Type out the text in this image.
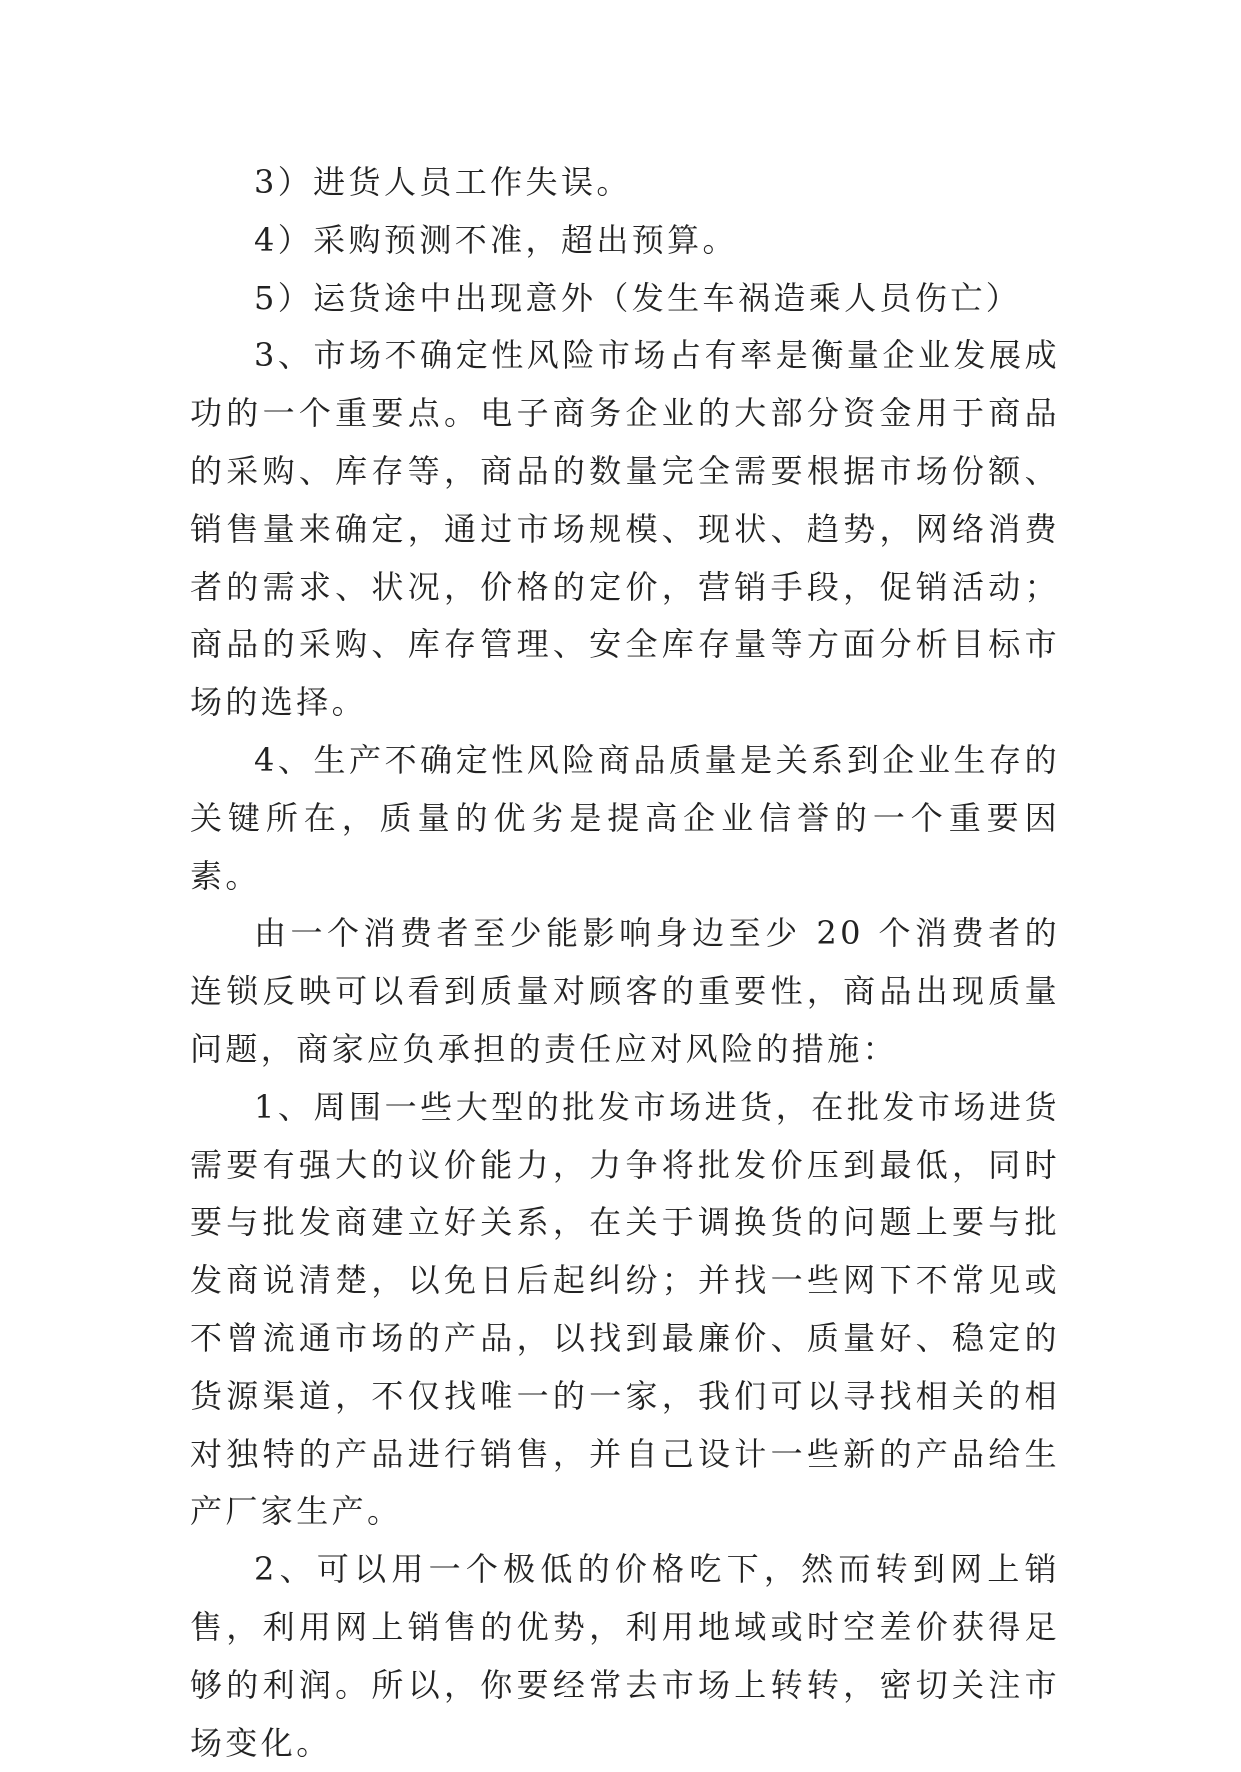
3）进货人员工作失误。

4）采购预测不准，超出预算。

5）运货途中出现意外（发生车祸造乘人员伤亡）

3、市场不确定性风险市场占有率是衡量企业发展成功的一个重要点。电子商务企业的大部分资金用于商品的采购、库存等，商品的数量完全需要根据市场份额、销售量来确定，通过市场规模、现状、趋势，网络消费者的需求、状况，价格的定价，营销手段，促销活动；商品的采购、库存管理、安全库存量等方面分析目标市场的选择。

4、生产不确定性风险商品质量是关系到企业生存的关键所在，质量的优劣是提高企业信誉的一个重要因素。

由一个消费者至少能影响身边至少 20 个消费者的连锁反映可以看到质量对顾客的重要性，商品出现质量问题，商家应负承担的责任应对风险的措施：

1、周围一些大型的批发市场进货，在批发市场进货需要有强大的议价能力，力争将批发价压到最低，同时要与批发商建立好关系，在关于调换货的问题上要与批发商说清楚，以免日后起纠纷；并找一些网下不常见或不曾流通市场的产品，以找到最廉价、质量好、稳定的货源渠道，不仅找唯一的一家，我们可以寻找相关的相对独特的产品进行销售，并自己设计一些新的产品给生产厂家生产。

2、可以用一个极低的价格吃下，然而转到网上销售，利用网上销售的优势，利用地域或时空差价获得足够的利润。所以，你要经常去市场上转转，密切关注市场变化。
